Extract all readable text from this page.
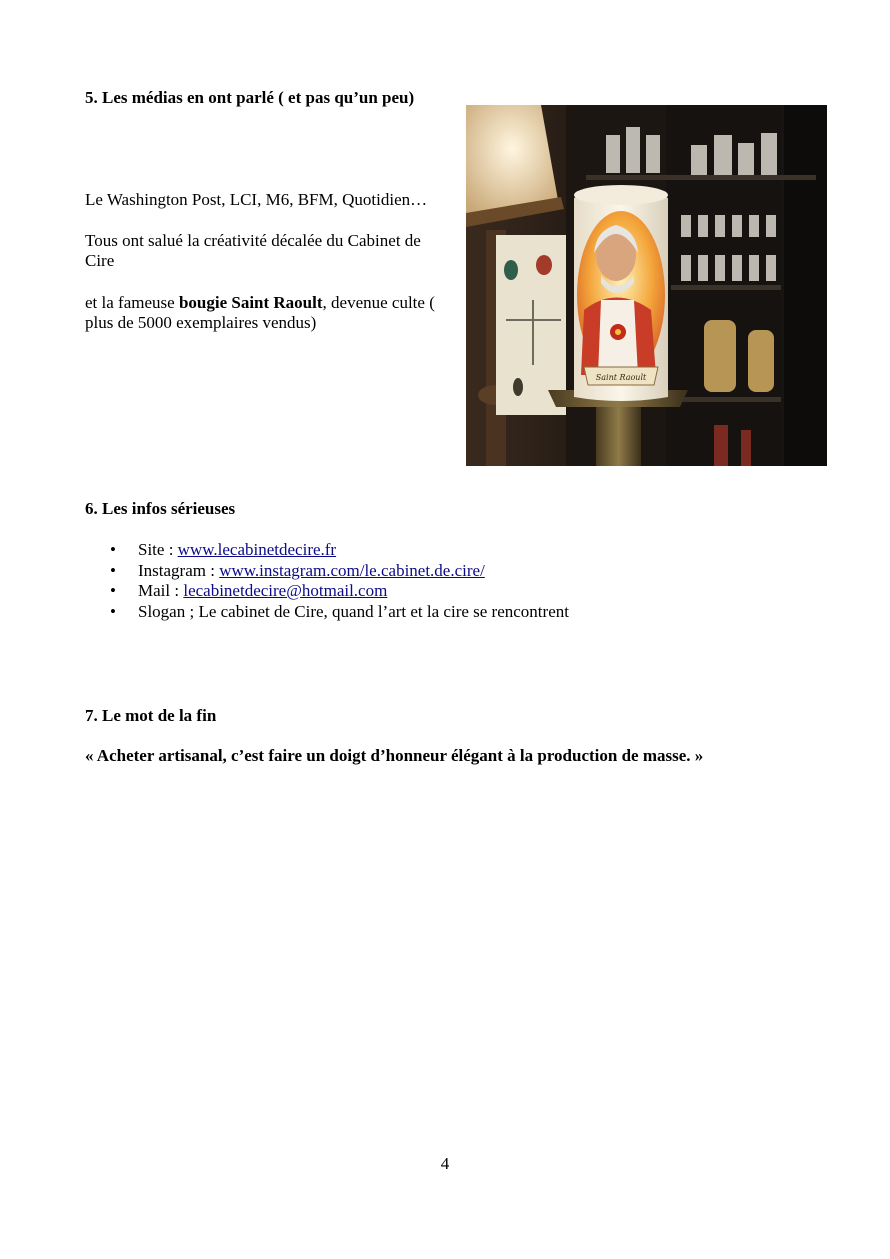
5. Les médias en ont parlé ( et pas qu’un peu)
Le Washington Post, LCI, M6, BFM, Quotidien…
Tous ont salué la créativité décalée du Cabinet de Cire
et la fameuse bougie Saint Raoult, devenue culte ( plus de 5000 exemplaires vendus)
Saint Raoult
6. Les infos sérieuses
• Site : www.lecabinetdecire.fr
• Instagram : www.instagram.com/le.cabinet.de.cire/
• Mail : lecabinetdecire@hotmail.com
• Slogan ; Le cabinet de Cire, quand l’art et la cire se rencontrent
7. Le mot de la fin
« Acheter artisanal, c’est faire un doigt d’honneur élégant à la production de masse. »
4
